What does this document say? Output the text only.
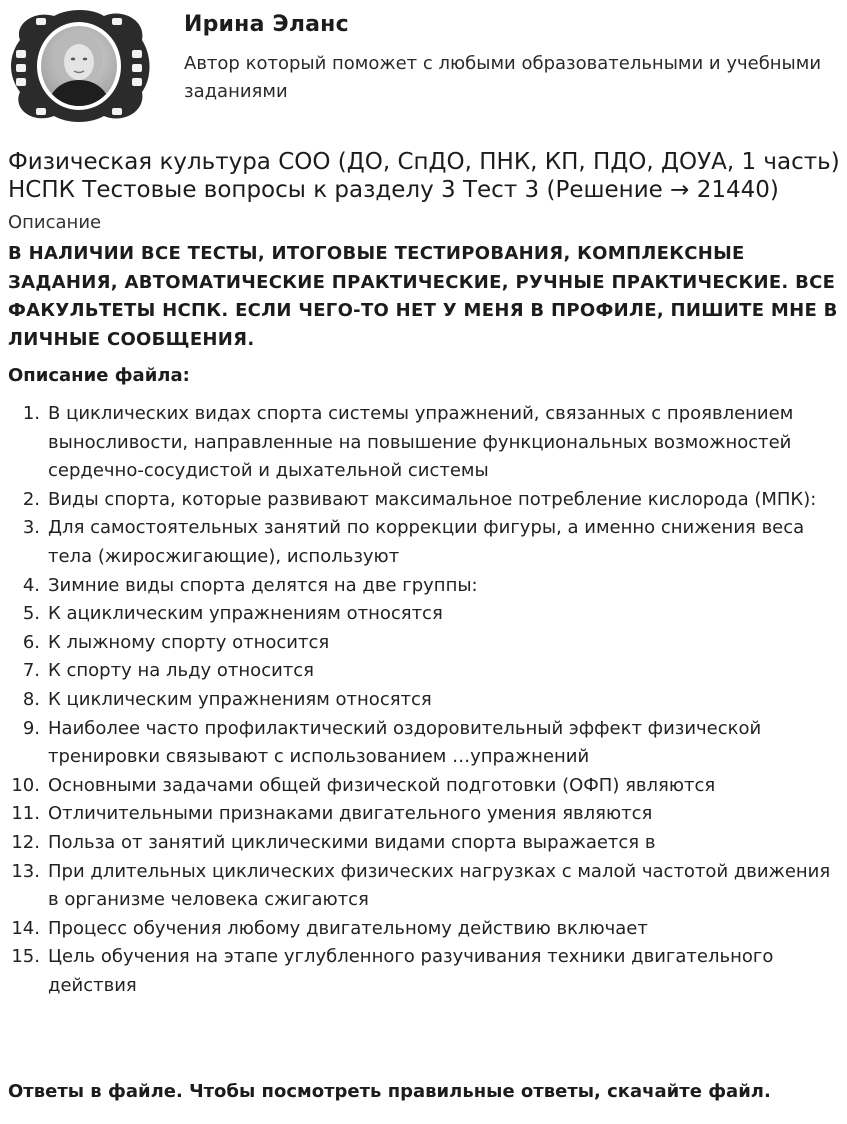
Ирина Эланс
Автор который поможет с любыми образовательными и учебными заданиями
Физическая культура СОО (ДО, СпДО, ПНК, КП, ПДО, ДОУА, 1 часть) НСПК Тестовые вопросы к разделу 3 Тест 3 (Решение → 21440)
Описание
В НАЛИЧИИ ВСЕ ТЕСТЫ, ИТОГОВЫЕ ТЕСТИРОВАНИЯ, КОМПЛЕКСНЫЕ ЗАДАНИЯ, АВТОМАТИЧЕСКИЕ ПРАКТИЧЕСКИЕ, РУЧНЫЕ ПРАКТИЧЕСКИЕ. ВСЕ ФАКУЛЬТЕТЫ НСПК. ЕСЛИ ЧЕГО-ТО НЕТ У МЕНЯ В ПРОФИЛЕ, ПИШИТЕ МНЕ В ЛИЧНЫЕ СООБЩЕНИЯ.
Описание файла:
1. В циклических видах спорта системы упражнений, связанных с проявлением выносливости, направленные на повышение функциональных возможностей сердечно-сосудистой и дыхательной системы
2. Виды спорта, которые развивают максимальное потребление кислорода (МПК):
3. Для самостоятельных занятий по коррекции фигуры, а именно снижения веса тела (жиросжигающие), используют
4. Зимние виды спорта делятся на две группы:
5. К ациклическим упражнениям относятся
6. К лыжному спорту относится
7. К спорту на льду относится
8. К циклическим упражнениям относятся
9. Наиболее часто профилактический оздоровительный эффект физической тренировки связывают с использованием …упражнений
10. Основными задачами общей физической подготовки (ОФП) являются
11. Отличительными признаками двигательного умения являются
12. Польза от занятий циклическими видами спорта выражается в
13. При длительных циклических физических нагрузках с малой частотой движения в организме человека сжигаются
14. Процесс обучения любому двигательному действию включает
15. Цель обучения на этапе углубленного разучивания техники двигательного действия
Ответы в файле. Чтобы посмотреть правильные ответы, скачайте файл.
